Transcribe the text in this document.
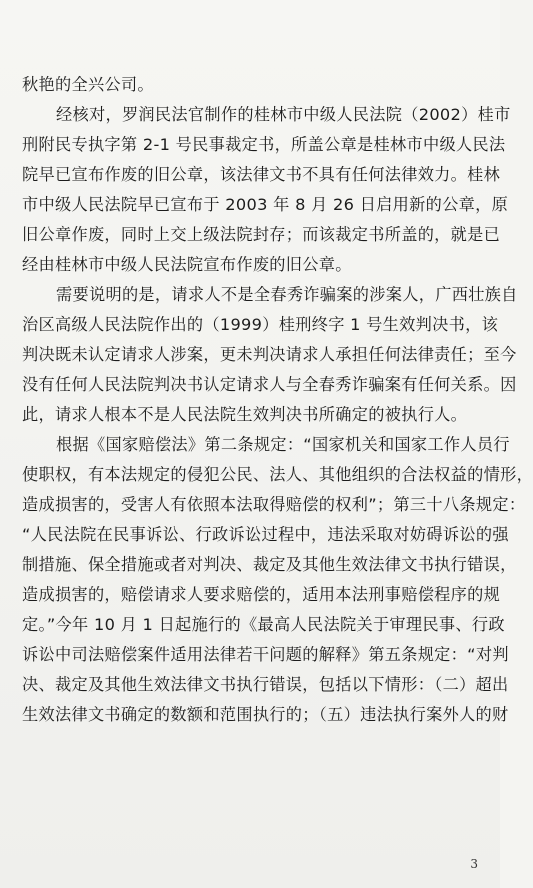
秋艳的全兴公司。
经核对，罗润民法官制作的桂林市中级人民法院（2002）桂市
刑附民专执字第 2-1 号民事裁定书，所盖公章是桂林市中级人民法
院早已宣布作废的旧公章，该法律文书不具有任何法律效力。桂林
市中级人民法院早已宣布于 2003 年 8 月 26 日启用新的公章，原
旧公章作废，同时上交上级法院封存；而该裁定书所盖的，就是已
经由桂林市中级人民法院宣布作废的旧公章。
需要说明的是，请求人不是全春秀诈骗案的涉案人，广西壮族自
治区高级人民法院作出的（1999）桂刑终字 1 号生效判决书，该
判决既未认定请求人涉案，更未判决请求人承担任何法律责任；至今
没有任何人民法院判决书认定请求人与全春秀诈骗案有任何关系。因
此，请求人根本不是人民法院生效判决书所确定的被执行人。
根据《国家赔偿法》第二条规定：“国家机关和国家工作人员行
使职权，有本法规定的侵犯公民、法人、其他组织的合法权益的情形，
造成损害的，受害人有依照本法取得赔偿的权利”；第三十八条规定：
“人民法院在民事诉讼、行政诉讼过程中，违法采取对妨碍诉讼的强
制措施、保全措施或者对判决、裁定及其他生效法律文书执行错误，
造成损害的，赔偿请求人要求赔偿的，适用本法刑事赔偿程序的规
定。”今年 10 月 1 日起施行的《最高人民法院关于审理民事、行政
诉讼中司法赔偿案件适用法律若干问题的解释》第五条规定：“对判
决、裁定及其他生效法律文书执行错误，包括以下情形：（二）超出
生效法律文书确定的数额和范围执行的；（五）违法执行案外人的财
3
